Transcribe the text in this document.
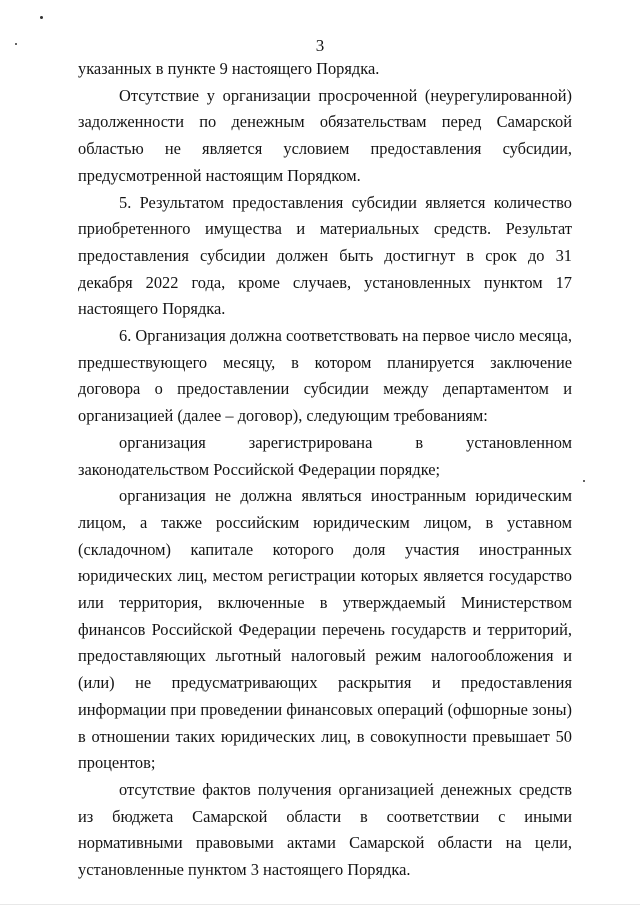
3

указанных в пункте 9 настоящего Порядка.

Отсутствие у организации просроченной (неурегулированной) задолженности по денежным обязательствам перед Самарской областью не является условием предоставления субсидии, предусмотренной настоящим Порядком.

5. Результатом предоставления субсидии является количество приобретенного имущества и материальных средств. Результат предоставления субсидии должен быть достигнут в срок до 31 декабря 2022 года, кроме случаев, установленных пунктом 17 настоящего Порядка.

6. Организация должна соответствовать на первое число месяца, предшествующего месяцу, в котором планируется заключение договора о предоставлении субсидии между департаментом и организацией (далее – договор), следующим требованиям:

организация зарегистрирована в установленном законодательством Российской Федерации порядке;

организация не должна являться иностранным юридическим лицом, а также российским юридическим лицом, в уставном (складочном) капитале которого доля участия иностранных юридических лиц, местом регистрации которых является государство или территория, включенные в утверждаемый Министерством финансов Российской Федерации перечень государств и территорий, предоставляющих льготный налоговый режим налогообложения и (или) не предусматривающих раскрытия и предоставления информации при проведении финансовых операций (офшорные зоны) в отношении таких юридических лиц, в совокупности превышает 50 процентов;

отсутствие фактов получения организацией денежных средств из бюджета Самарской области в соответствии с иными нормативными правовыми актами Самарской области на цели, установленные пунктом 3 настоящего Порядка.
